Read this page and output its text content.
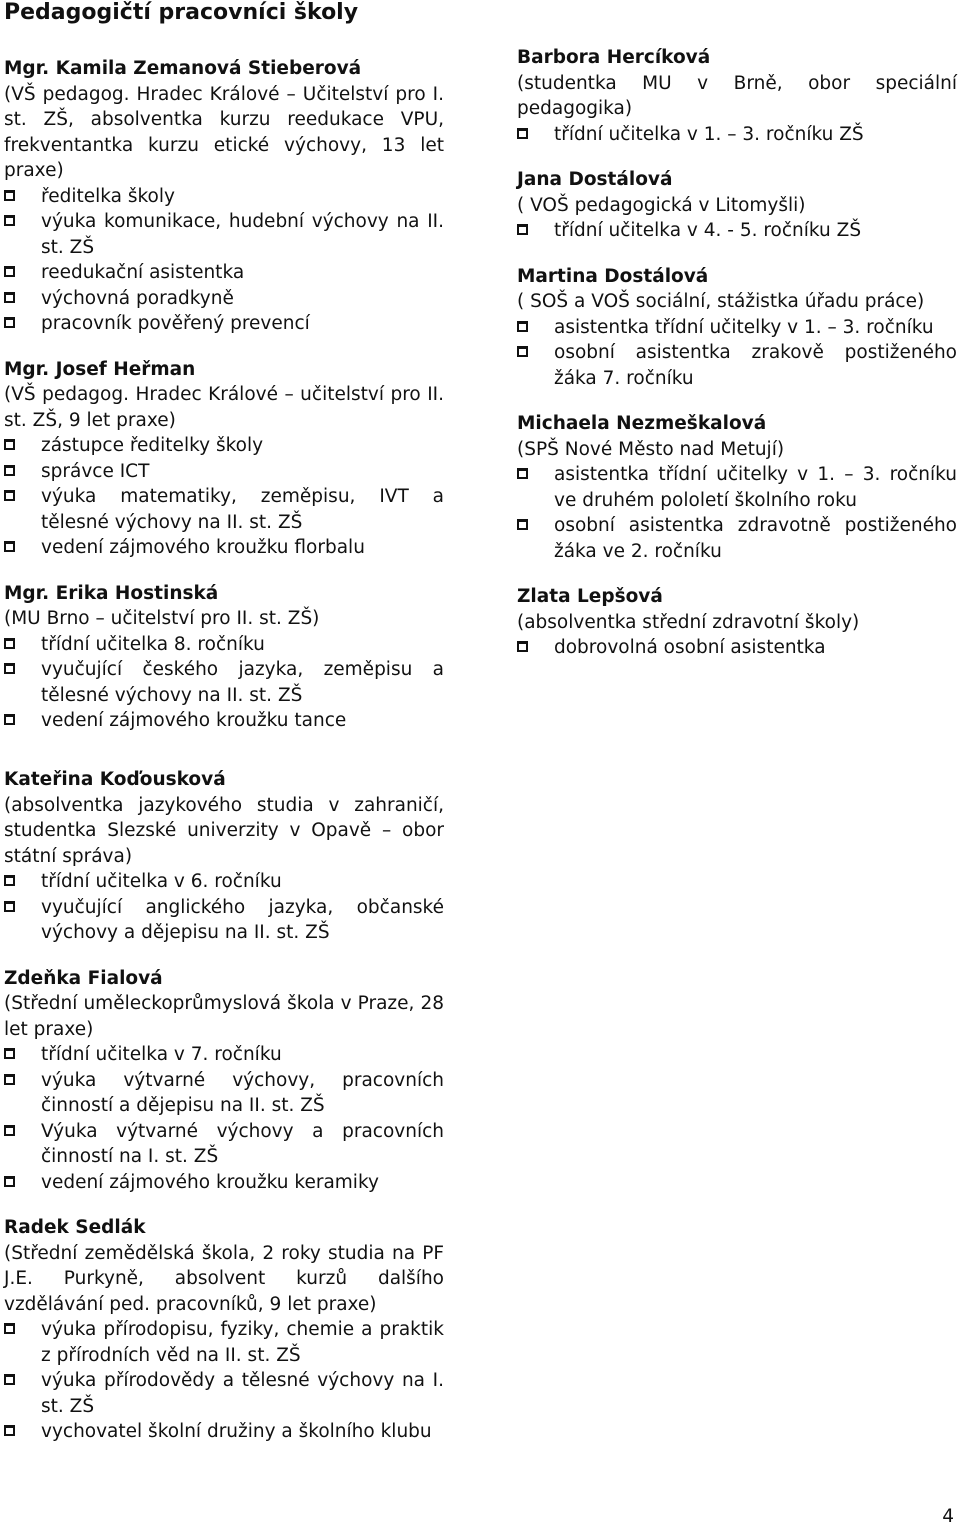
Pedagogičtí pracovníci školy
Mgr. Kamila Zemanová Stieberová
(VŠ pedagog. Hradec Králové – Učitelství pro I. st. ZŠ, absolventka kurzu reedukace VPU, frekventantka kurzu etické výchovy, 13 let praxe)
ředitelka školy
výuka komunikace, hudební výchovy na II. st. ZŠ
reedukační asistentka
výchovná poradkyně
pracovník pověřený prevencí
Mgr. Josef Heřman
(VŠ pedagog. Hradec Králové – učitelství pro II. st. ZŠ, 9 let praxe)
zástupce ředitelky školy
správce ICT
výuka matematiky, zeměpisu, IVT a tělesné výchovy na II. st. ZŠ
vedení zájmového kroužku florbalu
Mgr. Erika Hostinská
(MU Brno – učitelství pro II. st. ZŠ)
třídní učitelka 8. ročníku
vyučující českého jazyka, zeměpisu a tělesné výchovy na II. st. ZŠ
vedení zájmového kroužku tance
Kateřina Koďousková
(absolventka jazykového studia v zahraničí, studentka Slezské univerzity v Opavě – obor státní správa)
třídní učitelka v 6. ročníku
vyučující anglického jazyka, občanské výchovy a dějepisu na II. st. ZŠ
Zdeňka Fialová
(Střední uměleckoprůmyslová škola v Praze, 28 let praxe)
třídní učitelka v 7. ročníku
výuka výtvarné výchovy, pracovních činností a dějepisu na II. st. ZŠ
Výuka výtvarné výchovy a pracovních činností na I. st. ZŠ
vedení zájmového kroužku keramiky
Radek Sedlák
(Střední zemědělská škola, 2 roky studia na PF J.E. Purkyně, absolvent kurzů dalšího vzdělávání ped. pracovníků, 9 let praxe)
výuka přírodopisu, fyziky, chemie a praktik z přírodních věd na II. st. ZŠ
výuka přírodovědy a tělesné výchovy na I. st. ZŠ
vychovatel školní družiny a školního klubu
Barbora Hercíková
(studentka MU v Brně, obor speciální pedagogika)
třídní učitelka v 1. – 3. ročníku ZŠ
Jana Dostálová
( VOŠ pedagogická v Litomyšli)
třídní učitelka v 4. - 5. ročníku ZŠ
Martina Dostálová
( SOŠ a VOŠ sociální, stážistka úřadu práce)
asistentka třídní učitelky v 1. – 3. ročníku
osobní asistentka zrakově postiženého žáka 7. ročníku
Michaela Nezmeškalová
(SPŠ Nové Město nad Metují)
asistentka třídní učitelky v 1. – 3. ročníku ve druhém pololetí školního roku
osobní asistentka zdravotně postiženého žáka ve 2. ročníku
Zlata Lepšová
(absolventka střední zdravotní školy)
dobrovolná osobní asistentka
4
